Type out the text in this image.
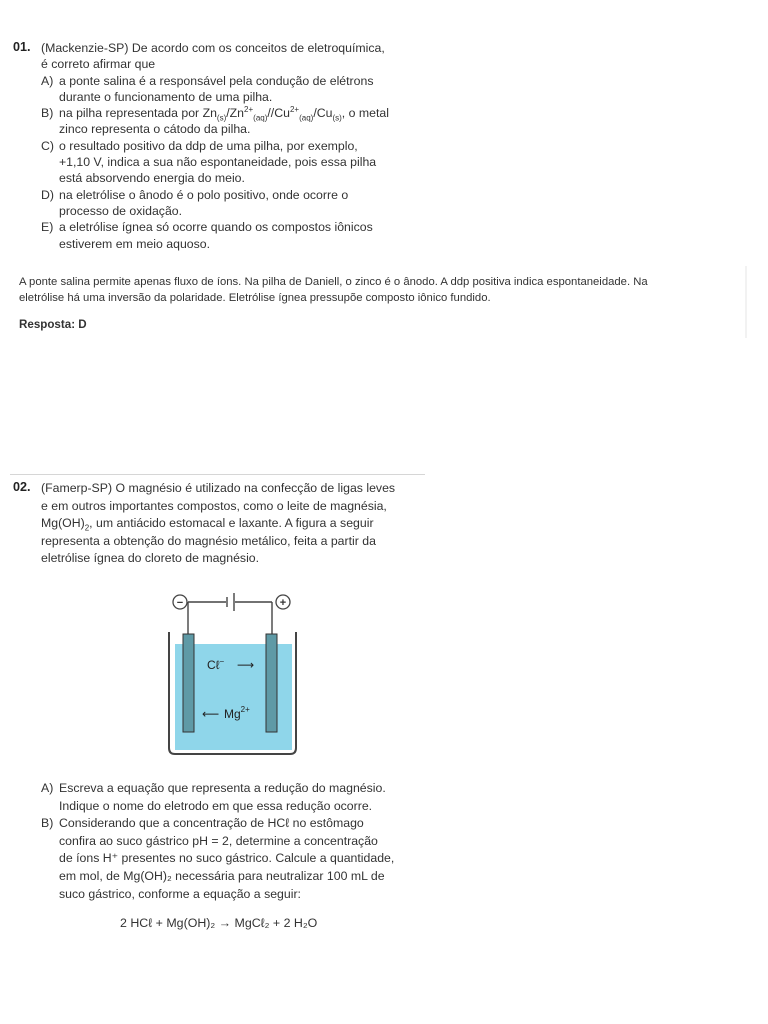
01. (Mackenzie-SP) De acordo com os conceitos de eletroquímica,
é correto afirmar que
A) a ponte salina é a responsável pela condução de elétrons
durante o funcionamento de uma pilha.
B) na pilha representada por $Zn_{(s)}/Zn^{2+}_{(aq)}//Cu^{2+}_{(aq)}/Cu_{(s)}$, o metal
zinco representa o cátodo da pilha.
C) o resultado positivo da ddp de uma pilha, por exemplo,
+1,10 V, indica a sua não espontaneidade, pois essa pilha
está absorvendo energia do meio.
D) na eletrólise o ânodo é o polo positivo, onde ocorre o
processo de oxidação.
E) a eletrólise ígnea só ocorre quando os compostos iônicos
estiverem em meio aquoso.
A ponte salina permite apenas fluxo de íons. Na pilha de Daniell, o zinco é o ânodo. A ddp positiva indica espontaneidade. Na
eletrólise há uma inversão da polaridade. Eletrólise ígnea pressupõe composto iônico fundido.
Resposta: D
02. (Famerp-SP) O magnésio é utilizado na confecção de ligas leves
e em outros importantes compostos, como o leite de magnésia,
$Mg(OH)_2$, um antiácido estomacal e laxante. A figura a seguir
representa a obtenção do magnésio metálico, feita a partir da
eletrólise ígnea do cloreto de magnésio.
−	+
Cℓ− ⟶
⟵ $Mg^{2+}$
A) Escreva a equação que representa a redução do magnésio.
Indique o nome do eletrodo em que essa redução ocorre.
B) Considerando que a concentração de HCℓ no estômago
confira ao suco gástrico pH = 2, determine a concentração
de íons H⁺ presentes no suco gástrico. Calcule a quantidade,
em mol, de Mg(OH)₂ necessária para neutralizar 100 mL de
suco gástrico, conforme a equação a seguir:
2 HCℓ + Mg(OH)₂ → MgCℓ₂ + 2 H₂O
